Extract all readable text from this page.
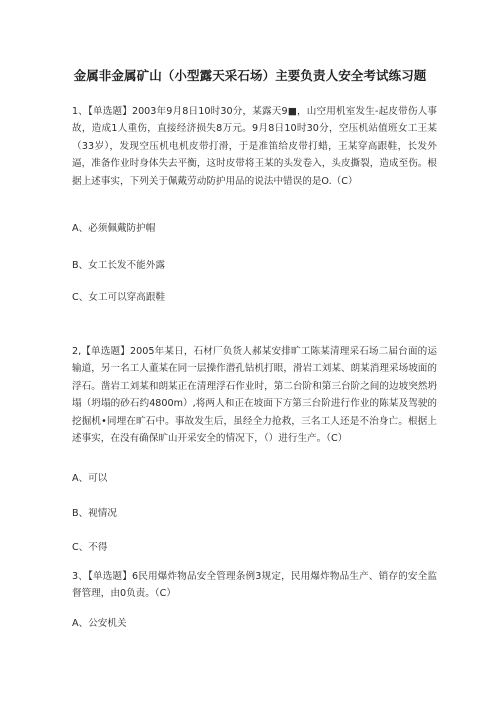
金属非金属矿山（小型露天采石场）主要负责人安全考试练习题
1、【单选题】2003年9月8日10时30分，某露天9■，山空用机室发生-起皮带伤人事故，造成1人重伤，直接经济损失8万元。9月8日10时30分，空压机站值班女工王某（33岁），发现空压机电机皮带打滑，于是准笛给皮带打蜡，王某穿高跟鞋，长发外逼，准备作业时身体失去平衡，这时皮带将王某的头发卷入，头皮撕裂，造成至伤。根据上述事实，下列关于佩戴劳动防护用品的说法中错误的是O.（C）
A、必须佩戴防护帽
B、女工长发不能外露
C、女工可以穿高跟鞋
2,【单选题】2005年某日，石材厂负货人郝某安排旷工陈某清理采石场二届台面的运输道，另一名工人董某在同一层操作潜孔钻机打眼，滑岩工刘某、朗某消理采场坡面的浮石。凿岩工刘某和朗某正在清理浮石作业时，第二台阶和第三台阶之间的边坡突然坍塌（坍塌的砂石约4800m）,将两人和正在坡面下方第三台阶进行作业的陈某及驾驶的挖掘机•同埋在旷石中。事故发生后，虽经全力抢救，三名工人还是不治身亡。根据上述事实，在没有确保旷山开采安全的情况下，（）进行生产。（C）
A、可以
B、视情况
C、不得
3、【单选题】6民用爆炸物品安全管理条例3规定，民用爆炸物品生产、销存的安全监督管理，由0负责。（C）
A、公安机关
